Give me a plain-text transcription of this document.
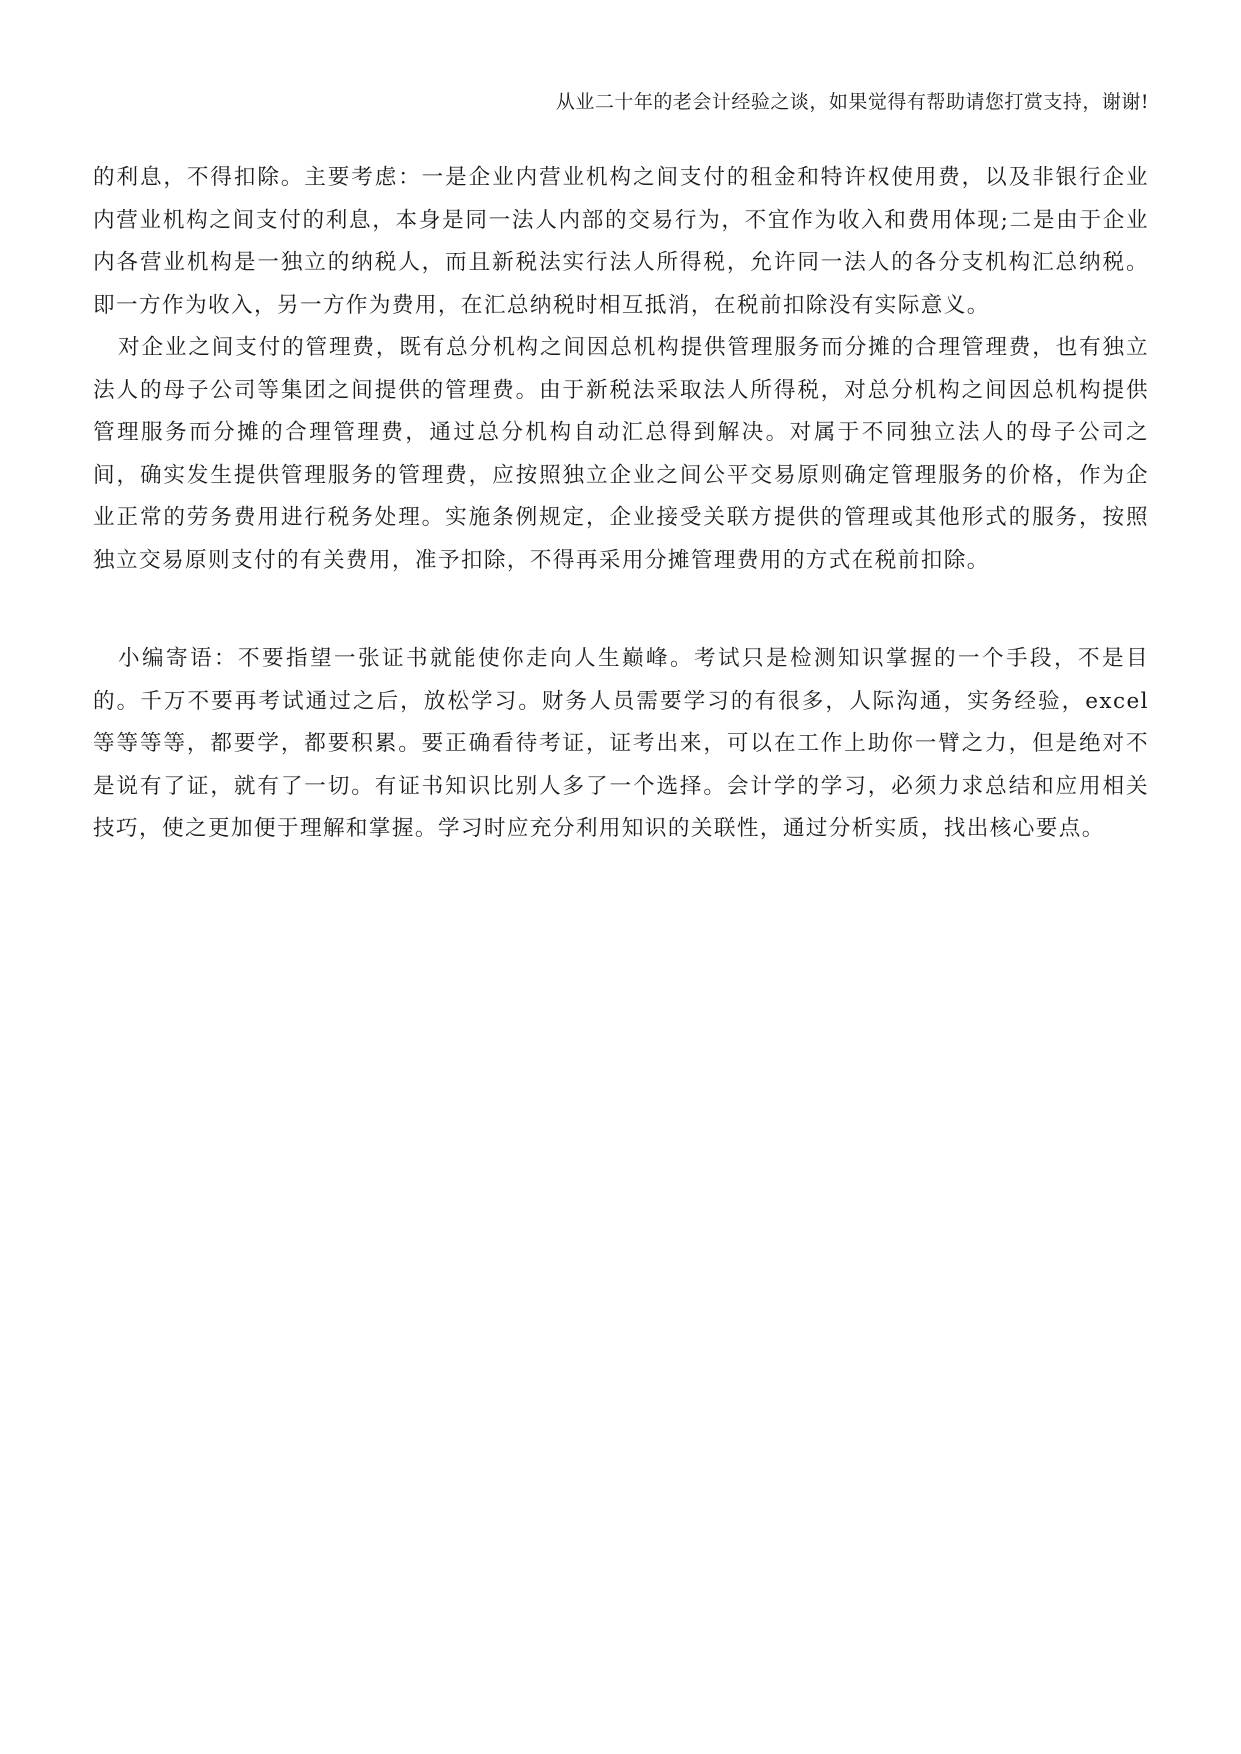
从业二十年的老会计经验之谈，如果觉得有帮助请您打赏支持，谢谢!

的利息，不得扣除。主要考虑：一是企业内营业机构之间支付的租金和特许权使用费，以及非银行企业内营业机构之间支付的利息，本身是同一法人内部的交易行为，不宜作为收入和费用体现;二是由于企业内各营业机构是一独立的纳税人，而且新税法实行法人所得税，允许同一法人的各分支机构汇总纳税。即一方作为收入，另一方作为费用，在汇总纳税时相互抵消，在税前扣除没有实际意义。

对企业之间支付的管理费，既有总分机构之间因总机构提供管理服务而分摊的合理管理费，也有独立法人的母子公司等集团之间提供的管理费。由于新税法采取法人所得税，对总分机构之间因总机构提供管理服务而分摊的合理管理费，通过总分机构自动汇总得到解决。对属于不同独立法人的母子公司之间，确实发生提供管理服务的管理费，应按照独立企业之间公平交易原则确定管理服务的价格，作为企业正常的劳务费用进行税务处理。实施条例规定，企业接受关联方提供的管理或其他形式的服务，按照独立交易原则支付的有关费用，准予扣除，不得再采用分摊管理费用的方式在税前扣除。

小编寄语：不要指望一张证书就能使你走向人生巅峰。考试只是检测知识掌握的一个手段，不是目的。千万不要再考试通过之后，放松学习。财务人员需要学习的有很多，人际沟通，实务经验，excel 等等等等，都要学，都要积累。要正确看待考证，证考出来，可以在工作上助你一臂之力，但是绝对不是说有了证，就有了一切。有证书知识比别人多了一个选择。会计学的学习，必须力求总结和应用相关技巧，使之更加便于理解和掌握。学习时应充分利用知识的关联性，通过分析实质，找出核心要点。
